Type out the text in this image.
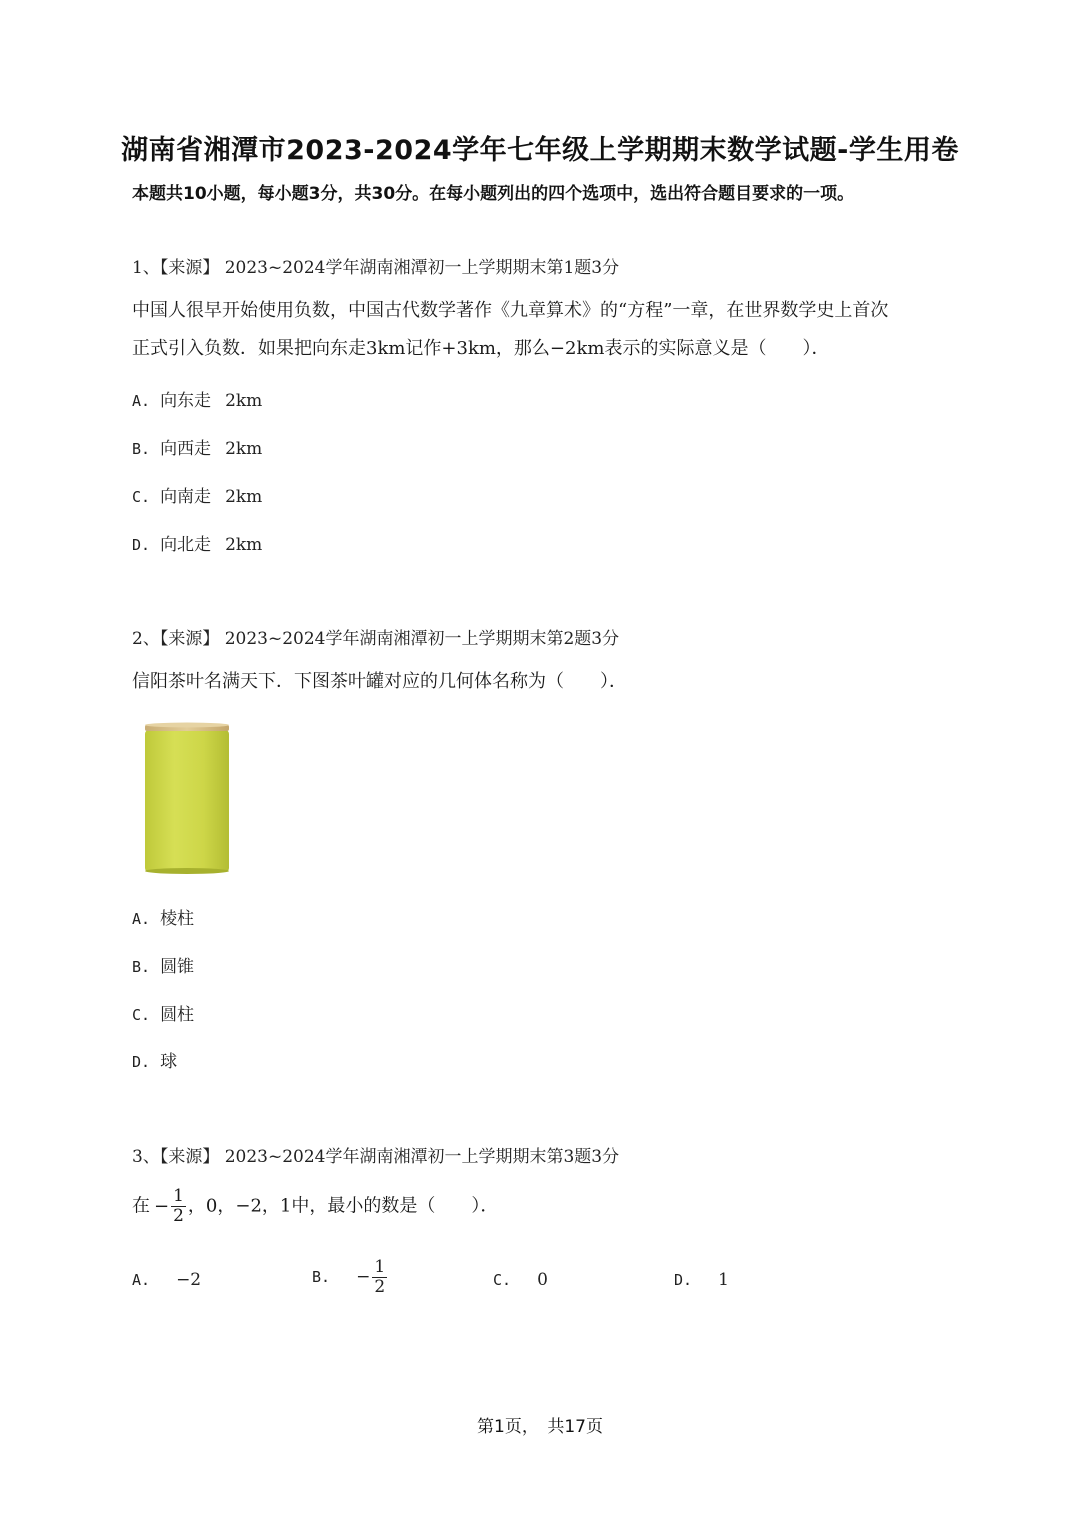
湖南省湘潭市2023-2024学年七年级上学期期末数学试题-学生用卷
本题共10小题，每小题3分，共30分。在每小题列出的四个选项中，选出符合题目要求的一项。
1、【来源】 2023~2024学年湖南湘潭初一上学期期末第1题3分
中国人很早开始使用负数，中国古代数学著作《九章算术》的“方程”一章，在世界数学史上首次
正式引入负数．如果把向东走3km记作+3km，那么−2km表示的实际意义是（　　）．
A. 向东走 2km
B. 向西走 2km
C. 向南走 2km
D. 向北走 2km
2、【来源】 2023~2024学年湖南湘潭初一上学期期末第2题3分
信阳茶叶名满天下．下图茶叶罐对应的几何体名称为（　　）．
A. 棱柱
B. 圆锥
C. 圆柱
D. 球
3、【来源】 2023~2024学年湖南湘潭初一上学期期末第3题3分
在 − $\frac{1}{2}$ ，0，−2，1中，最小的数是（　　）．
A. −2	B. − $\frac{1}{2}$	C. 0	D. 1
第1页，　共17页
